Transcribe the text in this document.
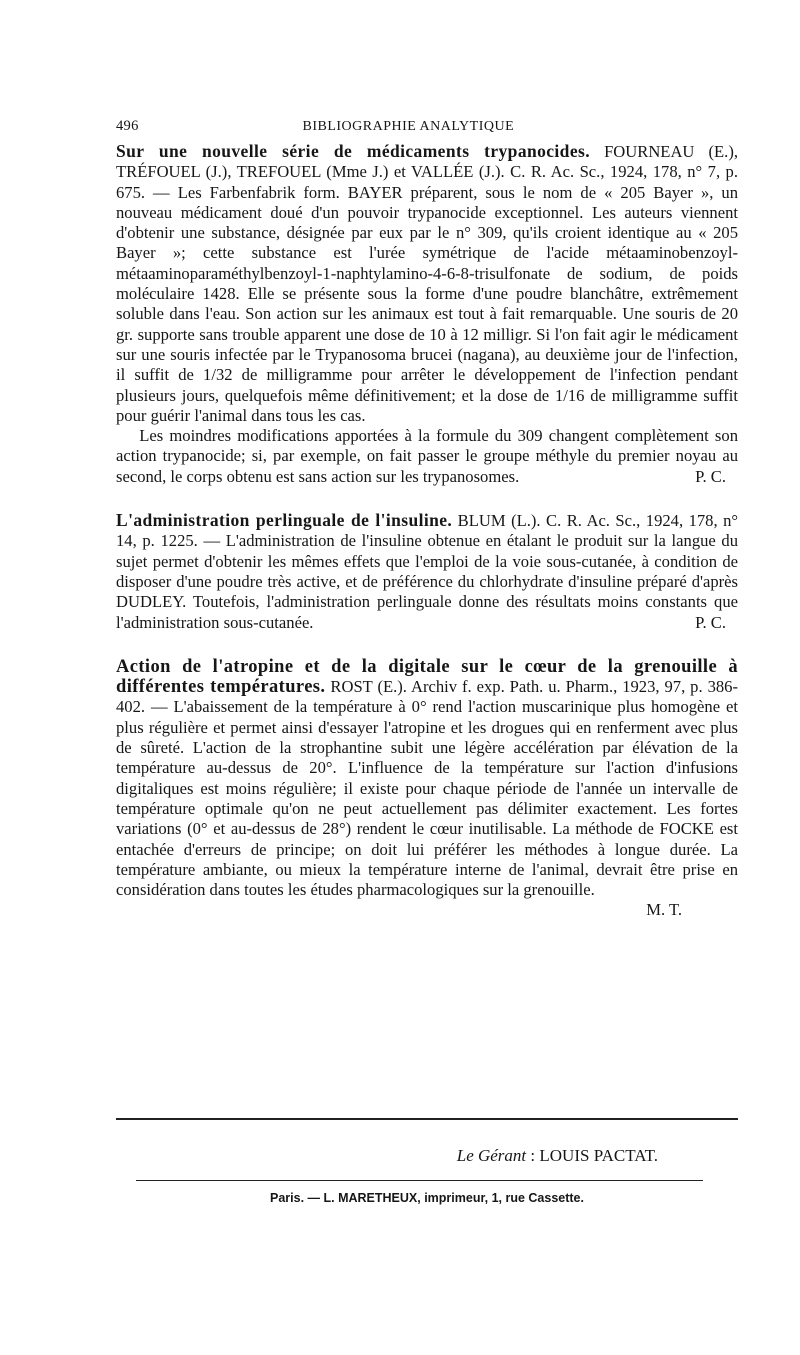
496	BIBLIOGRAPHIE ANALYTIQUE

Sur une nouvelle série de médicaments trypanocides. FOURNEAU (E.), TRÉFOUEL (J.), TREFOUEL (Mme J.) et VALLÉE (J.). C. R. Ac. Sc., 1924, 178, n° 7, p. 675. — Les Farbenfabrik form. BAYER préparent, sous le nom de « 205 Bayer », un nouveau médicament doué d'un pouvoir trypanocide exceptionnel. Les auteurs viennent d'obtenir une substance, désignée par eux par le n° 309, qu'ils croient identique au « 205 Bayer »; cette substance est l'urée symétrique de l'acide métaaminobenzoyl-métaaminoparaméthylbenzoyl-1-naphtylamino-4-6-8-trisulfonate de sodium, de poids moléculaire 1428. Elle se présente sous la forme d'une poudre blanchâtre, extrêmement soluble dans l'eau. Son action sur les animaux est tout à fait remarquable. Une souris de 20 gr. supporte sans trouble apparent une dose de 10 à 12 milligr. Si l'on fait agir le médicament sur une souris infectée par le Trypanosoma brucei (nagana), au deuxième jour de l'infection, il suffit de 1/32 de milligramme pour arrêter le développement de l'infection pendant plusieurs jours, quelquefois même définitivement; et la dose de 1/16 de milligramme suffit pour guérir l'animal dans tous les cas.

Les moindres modifications apportées à la formule du 309 changent complètement son action trypanocide; si, par exemple, on fait passer le groupe méthyle du premier noyau au second, le corps obtenu est sans action sur les trypanosomes.	P. C.

L'administration perlinguale de l'insuline. BLUM (L.). C. R. Ac. Sc., 1924, 178, n° 14, p. 1225. — L'administration de l'insuline obtenue en étalant le produit sur la langue du sujet permet d'obtenir les mêmes effets que l'emploi de la voie sous-cutanée, à condition de disposer d'une poudre très active, et de préférence du chlorhydrate d'insuline préparé d'après DUDLEY. Toutefois, l'administration perlinguale donne des résultats moins constants que l'administration sous-cutanée.	P. C.

Action de l'atropine et de la digitale sur le cœur de la grenouille à différentes températures. ROST (E.). Archiv f. exp. Path. u. Pharm., 1923, 97, p. 386-402. — L'abaissement de la température à 0° rend l'action muscarinique plus homogène et plus régulière et permet ainsi d'essayer l'atropine et les drogues qui en renferment avec plus de sûreté. L'action de la strophantine subit une légère accélération par élévation de la température au-dessus de 20°. L'influence de la température sur l'action d'infusions digitaliques est moins régulière; il existe pour chaque période de l'année un intervalle de température optimale qu'on ne peut actuellement pas délimiter exactement. Les fortes variations (0° et au-dessus de 28°) rendent le cœur inutilisable. La méthode de FOCKE est entachée d'erreurs de principe; on doit lui préférer les méthodes à longue durée. La température ambiante, ou mieux la température interne de l'animal, devrait être prise en considération dans toutes les études pharmacologiques sur la grenouille.

M. T.
Le Gérant : LOUIS PACTAT.
Paris. — L. MARETHEUX, imprimeur, 1, rue Cassette.
